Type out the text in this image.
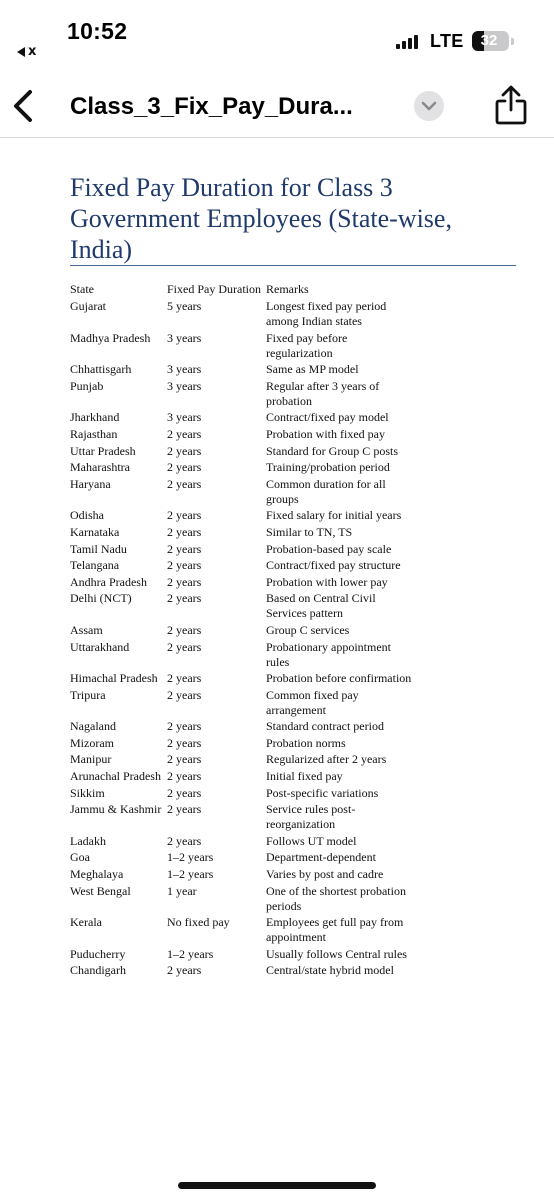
10:52
x
LTE	32
Class_3_Fix_Pay_Dura...
Fixed Pay Duration for Class 3 Government Employees (State-wise, India)
State	Fixed Pay Duration	Remarks
Gujarat	5 years	Longest fixed pay period among Indian states
Madhya Pradesh	3 years	Fixed pay before regularization
Chhattisgarh	3 years	Same as MP model
Punjab	3 years	Regular after 3 years of probation
Jharkhand	3 years	Contract/fixed pay model
Rajasthan	2 years	Probation with fixed pay
Uttar Pradesh	2 years	Standard for Group C posts
Maharashtra	2 years	Training/probation period
Haryana	2 years	Common duration for all groups
Odisha	2 years	Fixed salary for initial years
Karnataka	2 years	Similar to TN, TS
Tamil Nadu	2 years	Probation-based pay scale
Telangana	2 years	Contract/fixed pay structure
Andhra Pradesh	2 years	Probation with lower pay
Delhi (NCT)	2 years	Based on Central Civil Services pattern
Assam	2 years	Group C services
Uttarakhand	2 years	Probationary appointment rules
Himachal Pradesh	2 years	Probation before confirmation
Tripura	2 years	Common fixed pay arrangement
Nagaland	2 years	Standard contract period
Mizoram	2 years	Probation norms
Manipur	2 years	Regularized after 2 years
Arunachal Pradesh	2 years	Initial fixed pay
Sikkim	2 years	Post-specific variations
Jammu & Kashmir	2 years	Service rules post-reorganization
Ladakh	2 years	Follows UT model
Goa	1–2 years	Department-dependent
Meghalaya	1–2 years	Varies by post and cadre
West Bengal	1 year	One of the shortest probation periods
Kerala	No fixed pay	Employees get full pay from appointment
Puducherry	1–2 years	Usually follows Central rules
Chandigarh	2 years	Central/state hybrid model
